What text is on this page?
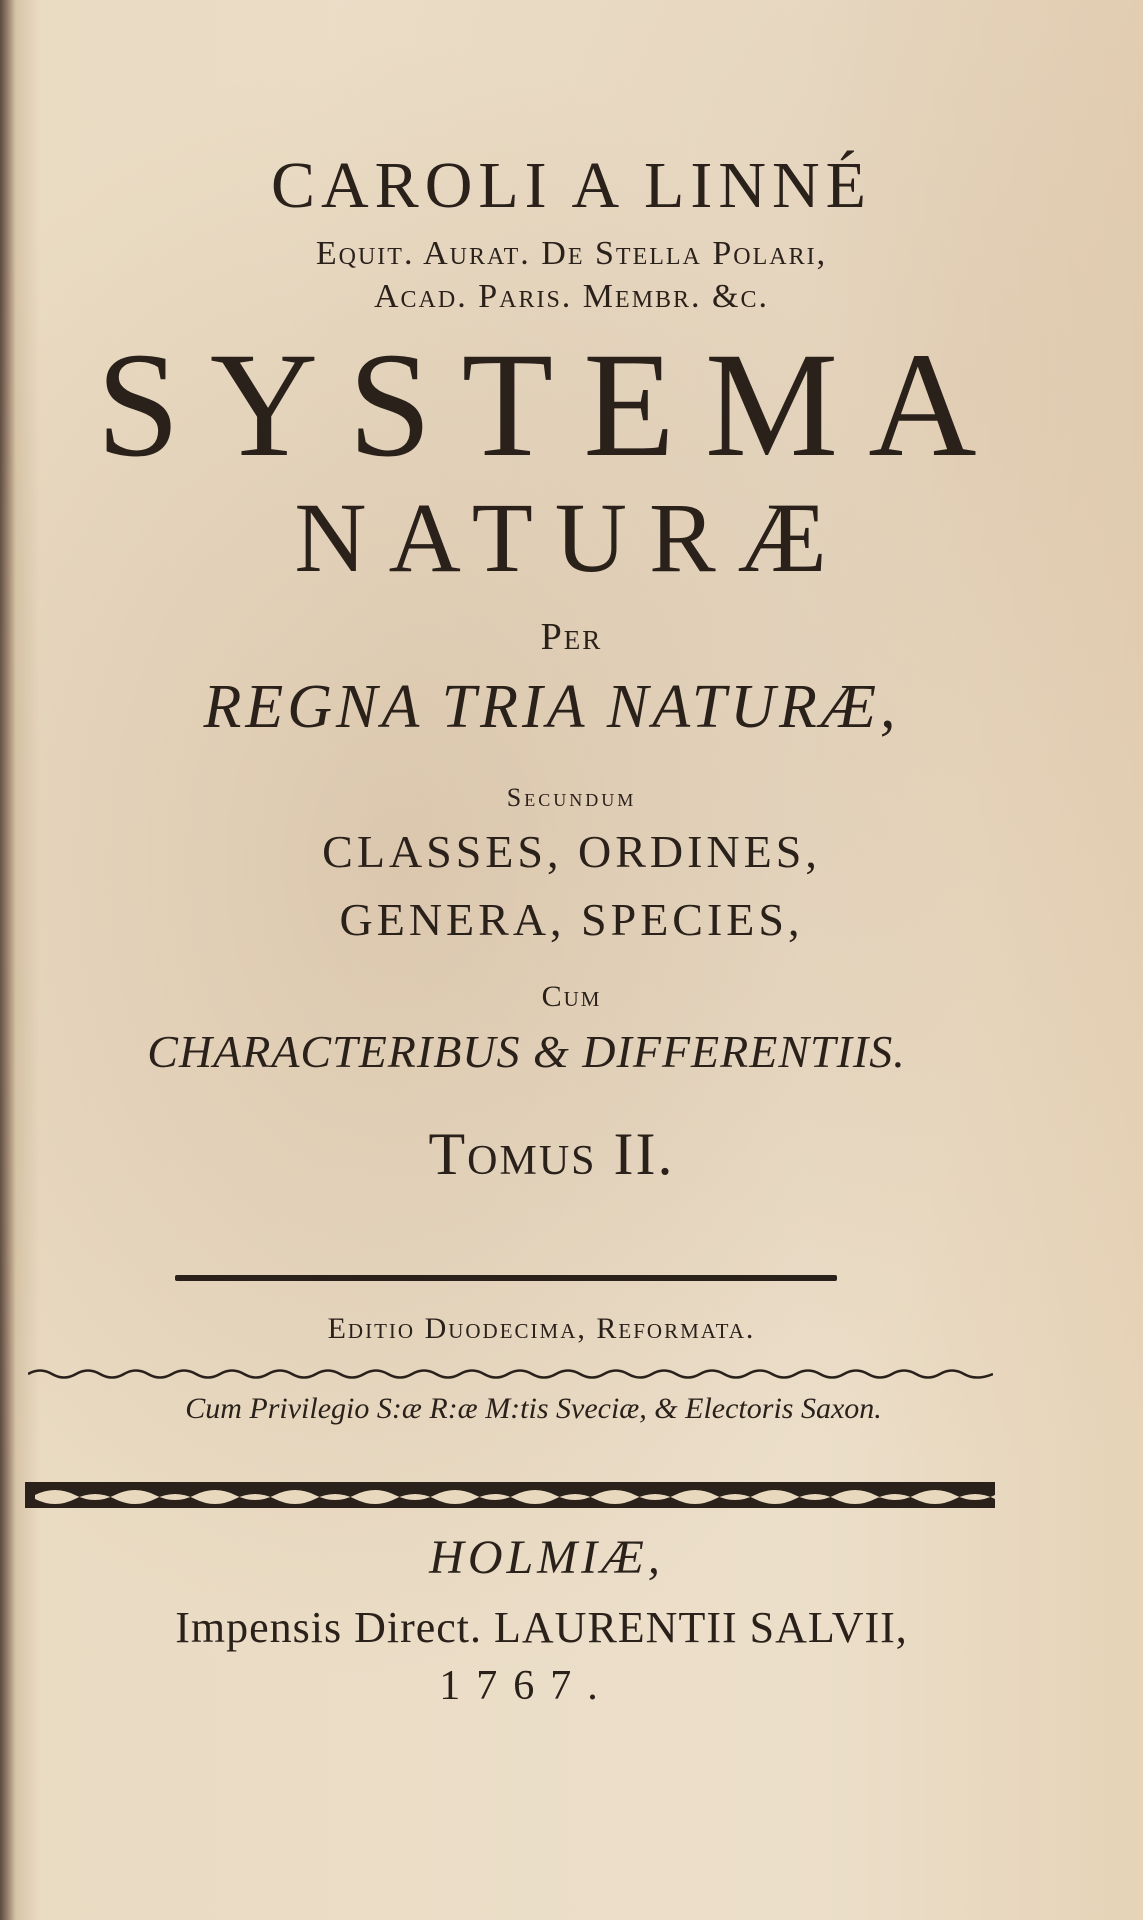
CAROLI A LINNÉ
Equit. Aurat. De Stella Polari,
Acad. Paris. Membr. &c.
SYSTEMA
NATURÆ
Per
REGNA TRIA NATURÆ,
Secundum
CLASSES, ORDINES,
GENERA, SPECIES,
Cum
CHARACTERIBUS & DIFFERENTIIS.
Tomus II.
Editio Duodecima, Reformata.
Cum Privilegio S:æ R:æ M:tis Sveciæ, & Electoris Saxon.
HOLMIÆ,
Impensis Direct. LAURENTII SALVII,
1767.
